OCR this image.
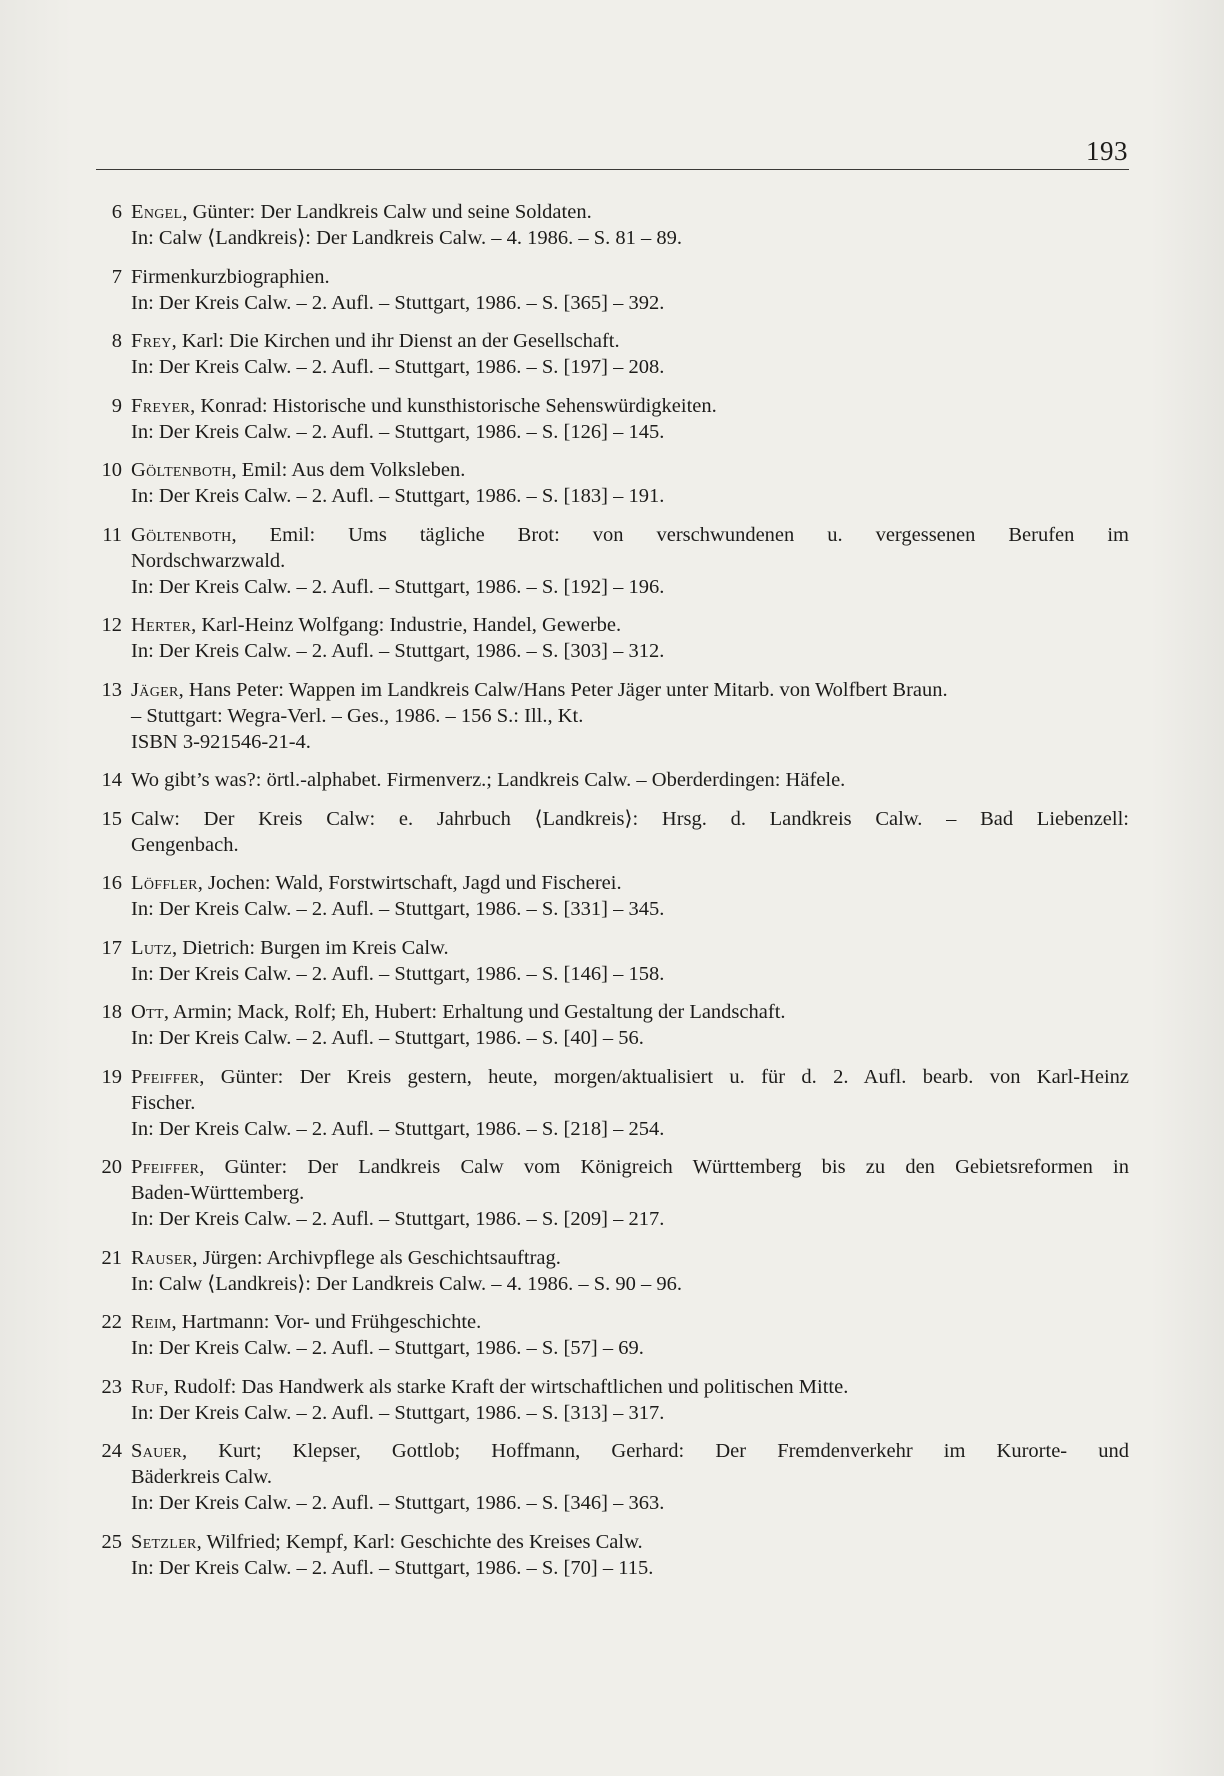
193
6 Engel, Günter: Der Landkreis Calw und seine Soldaten.
In: Calw ⟨Landkreis⟩: Der Landkreis Calw. – 4. 1986. – S. 81 – 89.
7 Firmenkurzbiographien.
In: Der Kreis Calw. – 2. Aufl. – Stuttgart, 1986. – S. [365] – 392.
8 Frey, Karl: Die Kirchen und ihr Dienst an der Gesellschaft.
In: Der Kreis Calw. – 2. Aufl. – Stuttgart, 1986. – S. [197] – 208.
9 Freyer, Konrad: Historische und kunsthistorische Sehenswürdigkeiten.
In: Der Kreis Calw. – 2. Aufl. – Stuttgart, 1986. – S. [126] – 145.
10 Göltenboth, Emil: Aus dem Volksleben.
In: Der Kreis Calw. – 2. Aufl. – Stuttgart, 1986. – S. [183] – 191.
11 Göltenboth, Emil: Ums tägliche Brot: von verschwundenen u. vergessenen Berufen im
Nordschwarzwald.
In: Der Kreis Calw. – 2. Aufl. – Stuttgart, 1986. – S. [192] – 196.
12 Herter, Karl-Heinz Wolfgang: Industrie, Handel, Gewerbe.
In: Der Kreis Calw. – 2. Aufl. – Stuttgart, 1986. – S. [303] – 312.
13 Jäger, Hans Peter: Wappen im Landkreis Calw/Hans Peter Jäger unter Mitarb. von Wolfbert Braun.
– Stuttgart: Wegra-Verl. – Ges., 1986. – 156 S.: Ill., Kt.
ISBN 3-921546-21-4.
14 Wo gibt’s was?: örtl.-alphabet. Firmenverz.; Landkreis Calw. – Oberderdingen: Häfele.
15 Calw: Der Kreis Calw: e. Jahrbuch ⟨Landkreis⟩: Hrsg. d. Landkreis Calw. – Bad Liebenzell:
Gengenbach.
16 Löffler, Jochen: Wald, Forstwirtschaft, Jagd und Fischerei.
In: Der Kreis Calw. – 2. Aufl. – Stuttgart, 1986. – S. [331] – 345.
17 Lutz, Dietrich: Burgen im Kreis Calw.
In: Der Kreis Calw. – 2. Aufl. – Stuttgart, 1986. – S. [146] – 158.
18 Ott, Armin; Mack, Rolf; Eh, Hubert: Erhaltung und Gestaltung der Landschaft.
In: Der Kreis Calw. – 2. Aufl. – Stuttgart, 1986. – S. [40] – 56.
19 Pfeiffer, Günter: Der Kreis gestern, heute, morgen/aktualisiert u. für d. 2. Aufl. bearb. von Karl-Heinz
Fischer.
In: Der Kreis Calw. – 2. Aufl. – Stuttgart, 1986. – S. [218] – 254.
20 Pfeiffer, Günter: Der Landkreis Calw vom Königreich Württemberg bis zu den Gebietsreformen in
Baden-Württemberg.
In: Der Kreis Calw. – 2. Aufl. – Stuttgart, 1986. – S. [209] – 217.
21 Rauser, Jürgen: Archivpflege als Geschichtsauftrag.
In: Calw ⟨Landkreis⟩: Der Landkreis Calw. – 4. 1986. – S. 90 – 96.
22 Reim, Hartmann: Vor- und Frühgeschichte.
In: Der Kreis Calw. – 2. Aufl. – Stuttgart, 1986. – S. [57] – 69.
23 Ruf, Rudolf: Das Handwerk als starke Kraft der wirtschaftlichen und politischen Mitte.
In: Der Kreis Calw. – 2. Aufl. – Stuttgart, 1986. – S. [313] – 317.
24 Sauer, Kurt; Klepser, Gottlob; Hoffmann, Gerhard: Der Fremdenverkehr im Kurorte- und
Bäderkreis Calw.
In: Der Kreis Calw. – 2. Aufl. – Stuttgart, 1986. – S. [346] – 363.
25 Setzler, Wilfried; Kempf, Karl: Geschichte des Kreises Calw.
In: Der Kreis Calw. – 2. Aufl. – Stuttgart, 1986. – S. [70] – 115.
